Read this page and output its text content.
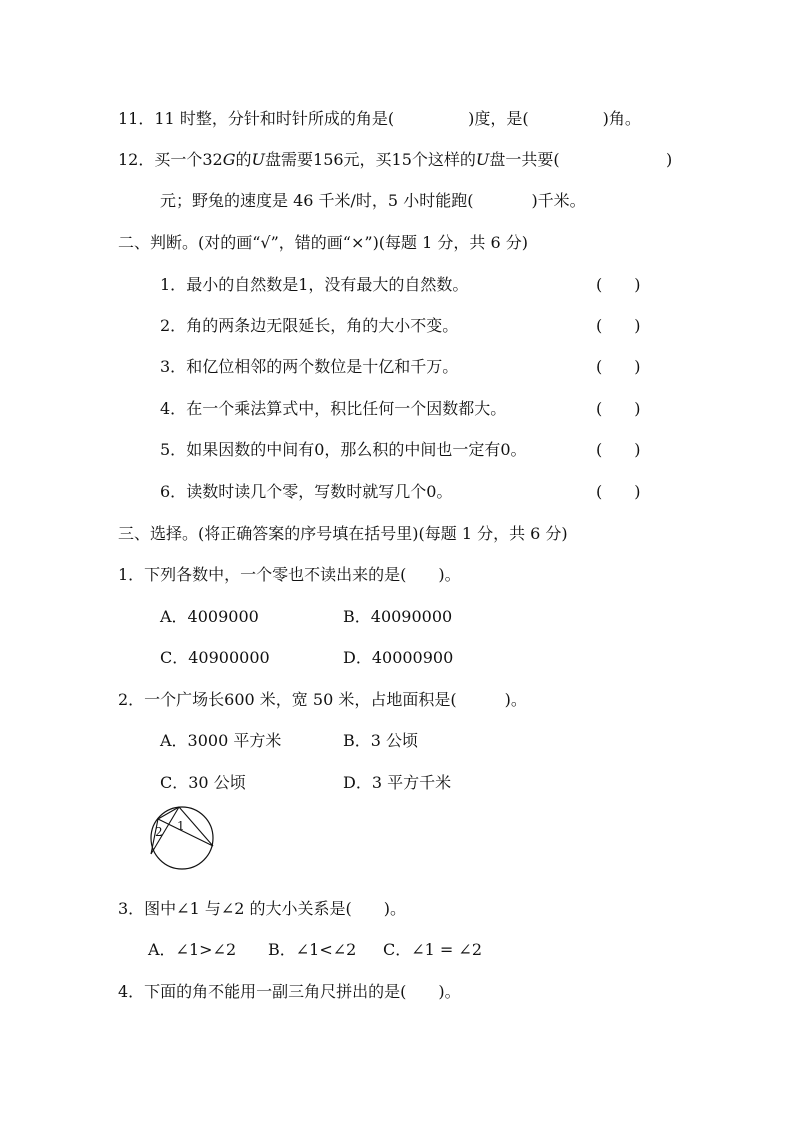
11．11 时整，分针和时针所成的角是(	)度，是(	)角。
12．买一个32G的U盘需要156元，买15个这样的U盘一共要(	)
元；野兔的速度是 46 千米/时，5 小时能跑(	)千米。
二、判断。(对的画“√”，错的画“×”)(每题 1 分，共 6 分)
1．最小的自然数是1，没有最大的自然数。	(　　)
2．角的两条边无限延长，角的大小不变。	(　　)
3．和亿位相邻的两个数位是十亿和千万。	(　　)
4．在一个乘法算式中，积比任何一个因数都大。	(　　)
5．如果因数的中间有0，那么积的中间也一定有0。	(　　)
6．读数时读几个零，写数时就写几个0。	(　　)
三、选择。(将正确答案的序号填在括号里)(每题 1 分，共 6 分)
1．下列各数中，一个零也不读出来的是(　　)。
A．4009000	B．40090000
C．40900000	D．40000900
2．一个广场长600 米，宽 50 米，占地面积是(　　　)。
A．3000 平方米	B．3 公顷
C．30 公顷	D．3 平方千米
1
2
3．图中∠1 与∠2 的大小关系是(　　)。
A．∠1>∠2 B．∠1<∠2 C．∠1 = ∠2
4．下面的角不能用一副三角尺拼出的是(　　)。
